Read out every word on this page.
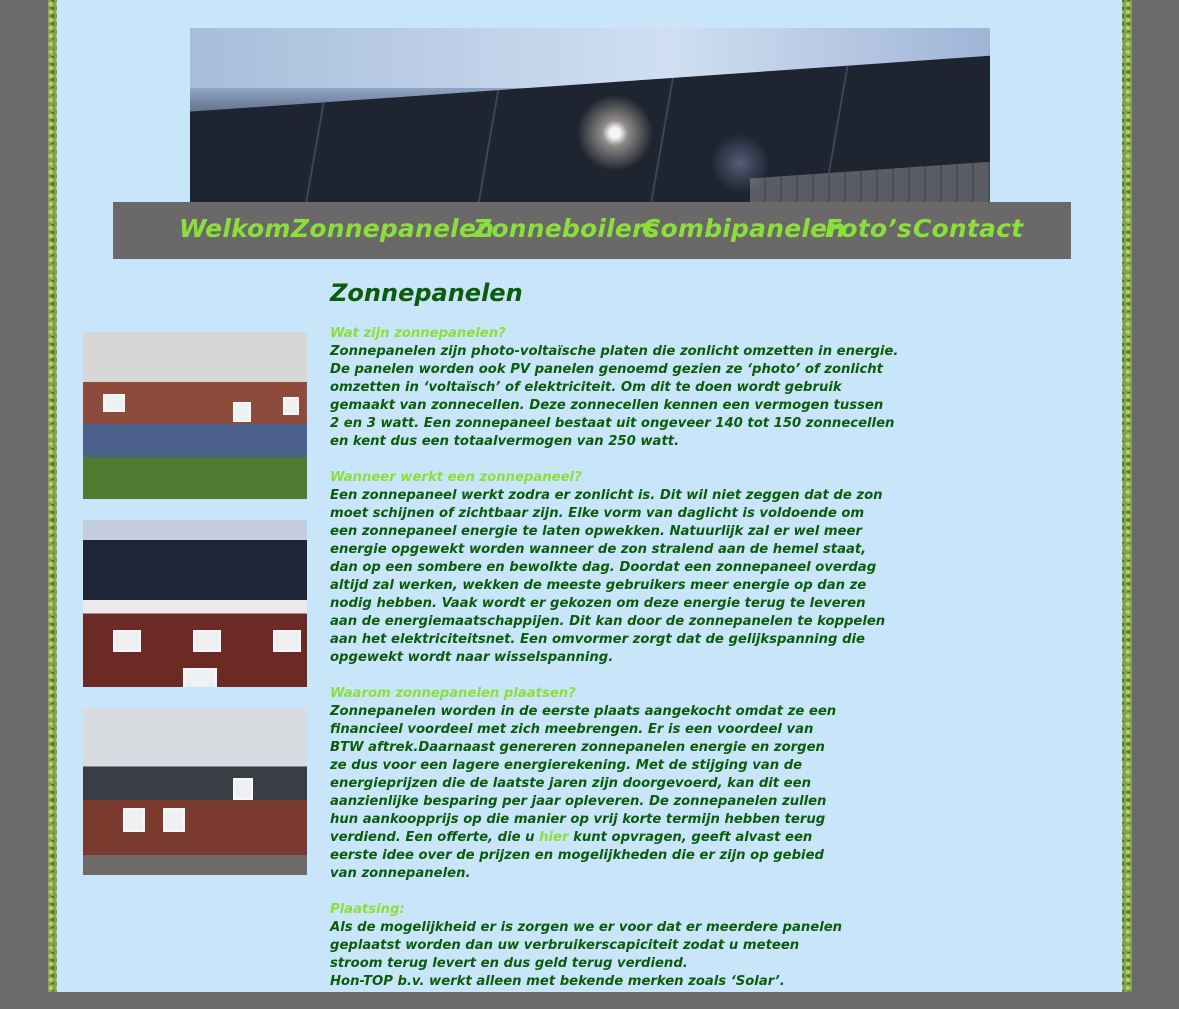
Welkom Zonnepanelen
Zonneboilers
Combipanelen
Foto’s Contact
Zonnepanelen
Wat zijn zonnepanelen?
Zonnepanelen zijn photo-voltaïsche platen die zonlicht omzetten in energie.
De panelen worden ook PV panelen genoemd gezien ze ‘photo’ of zonlicht
omzetten in ‘voltaïsch’ of elektriciteit. Om dit te doen wordt gebruik
gemaakt van zonnecellen. Deze zonnecellen kennen een vermogen tussen
2 en 3 watt. Een zonnepaneel bestaat uit ongeveer 140 tot 150 zonnecellen
en kent dus een totaalvermogen van 250 watt.
Wanneer werkt een zonnepaneel?
Een zonnepaneel werkt zodra er zonlicht is. Dit wil niet zeggen dat de zon
moet schijnen of zichtbaar zijn. Elke vorm van daglicht is voldoende om
een zonnepaneel energie te laten opwekken. Natuurlijk zal er wel meer
energie opgewekt worden wanneer de zon stralend aan de hemel staat,
dan op een sombere en bewolkte dag. Doordat een zonnepaneel overdag
altijd zal werken, wekken de meeste gebruikers meer energie op dan ze
nodig hebben. Vaak wordt er gekozen om deze energie terug te leveren
aan de energiemaatschappijen. Dit kan door de zonnepanelen te koppelen
aan het elektriciteitsnet. Een omvormer zorgt dat de gelijkspanning die
opgewekt wordt naar wisselspanning.
Waarom zonnepanelen plaatsen?
Zonnepanelen worden in de eerste plaats aangekocht omdat ze een
financieel voordeel met zich meebrengen. Er is een voordeel van
BTW aftrek.Daarnaast genereren zonnepanelen energie en zorgen
ze dus voor een lagere energierekening. Met de stijging van de
energieprijzen die de laatste jaren zijn doorgevoerd, kan dit een
aanzienlijke besparing per jaar opleveren. De zonnepanelen zullen
hun aankoopprijs op die manier op vrij korte termijn hebben terug
verdiend. Een offerte, die u hier kunt opvragen, geeft alvast een
eerste idee over de prijzen en mogelijkheden die er zijn op gebied
van zonnepanelen.
Plaatsing:
Als de mogelijkheid er is zorgen we er voor dat er meerdere panelen
geplaatst worden dan uw verbruikerscapiciteit zodat u meteen
stroom terug levert en dus geld terug verdiend.
Hon-TOP b.v. werkt alleen met bekende merken zoals ‘Solar’.
